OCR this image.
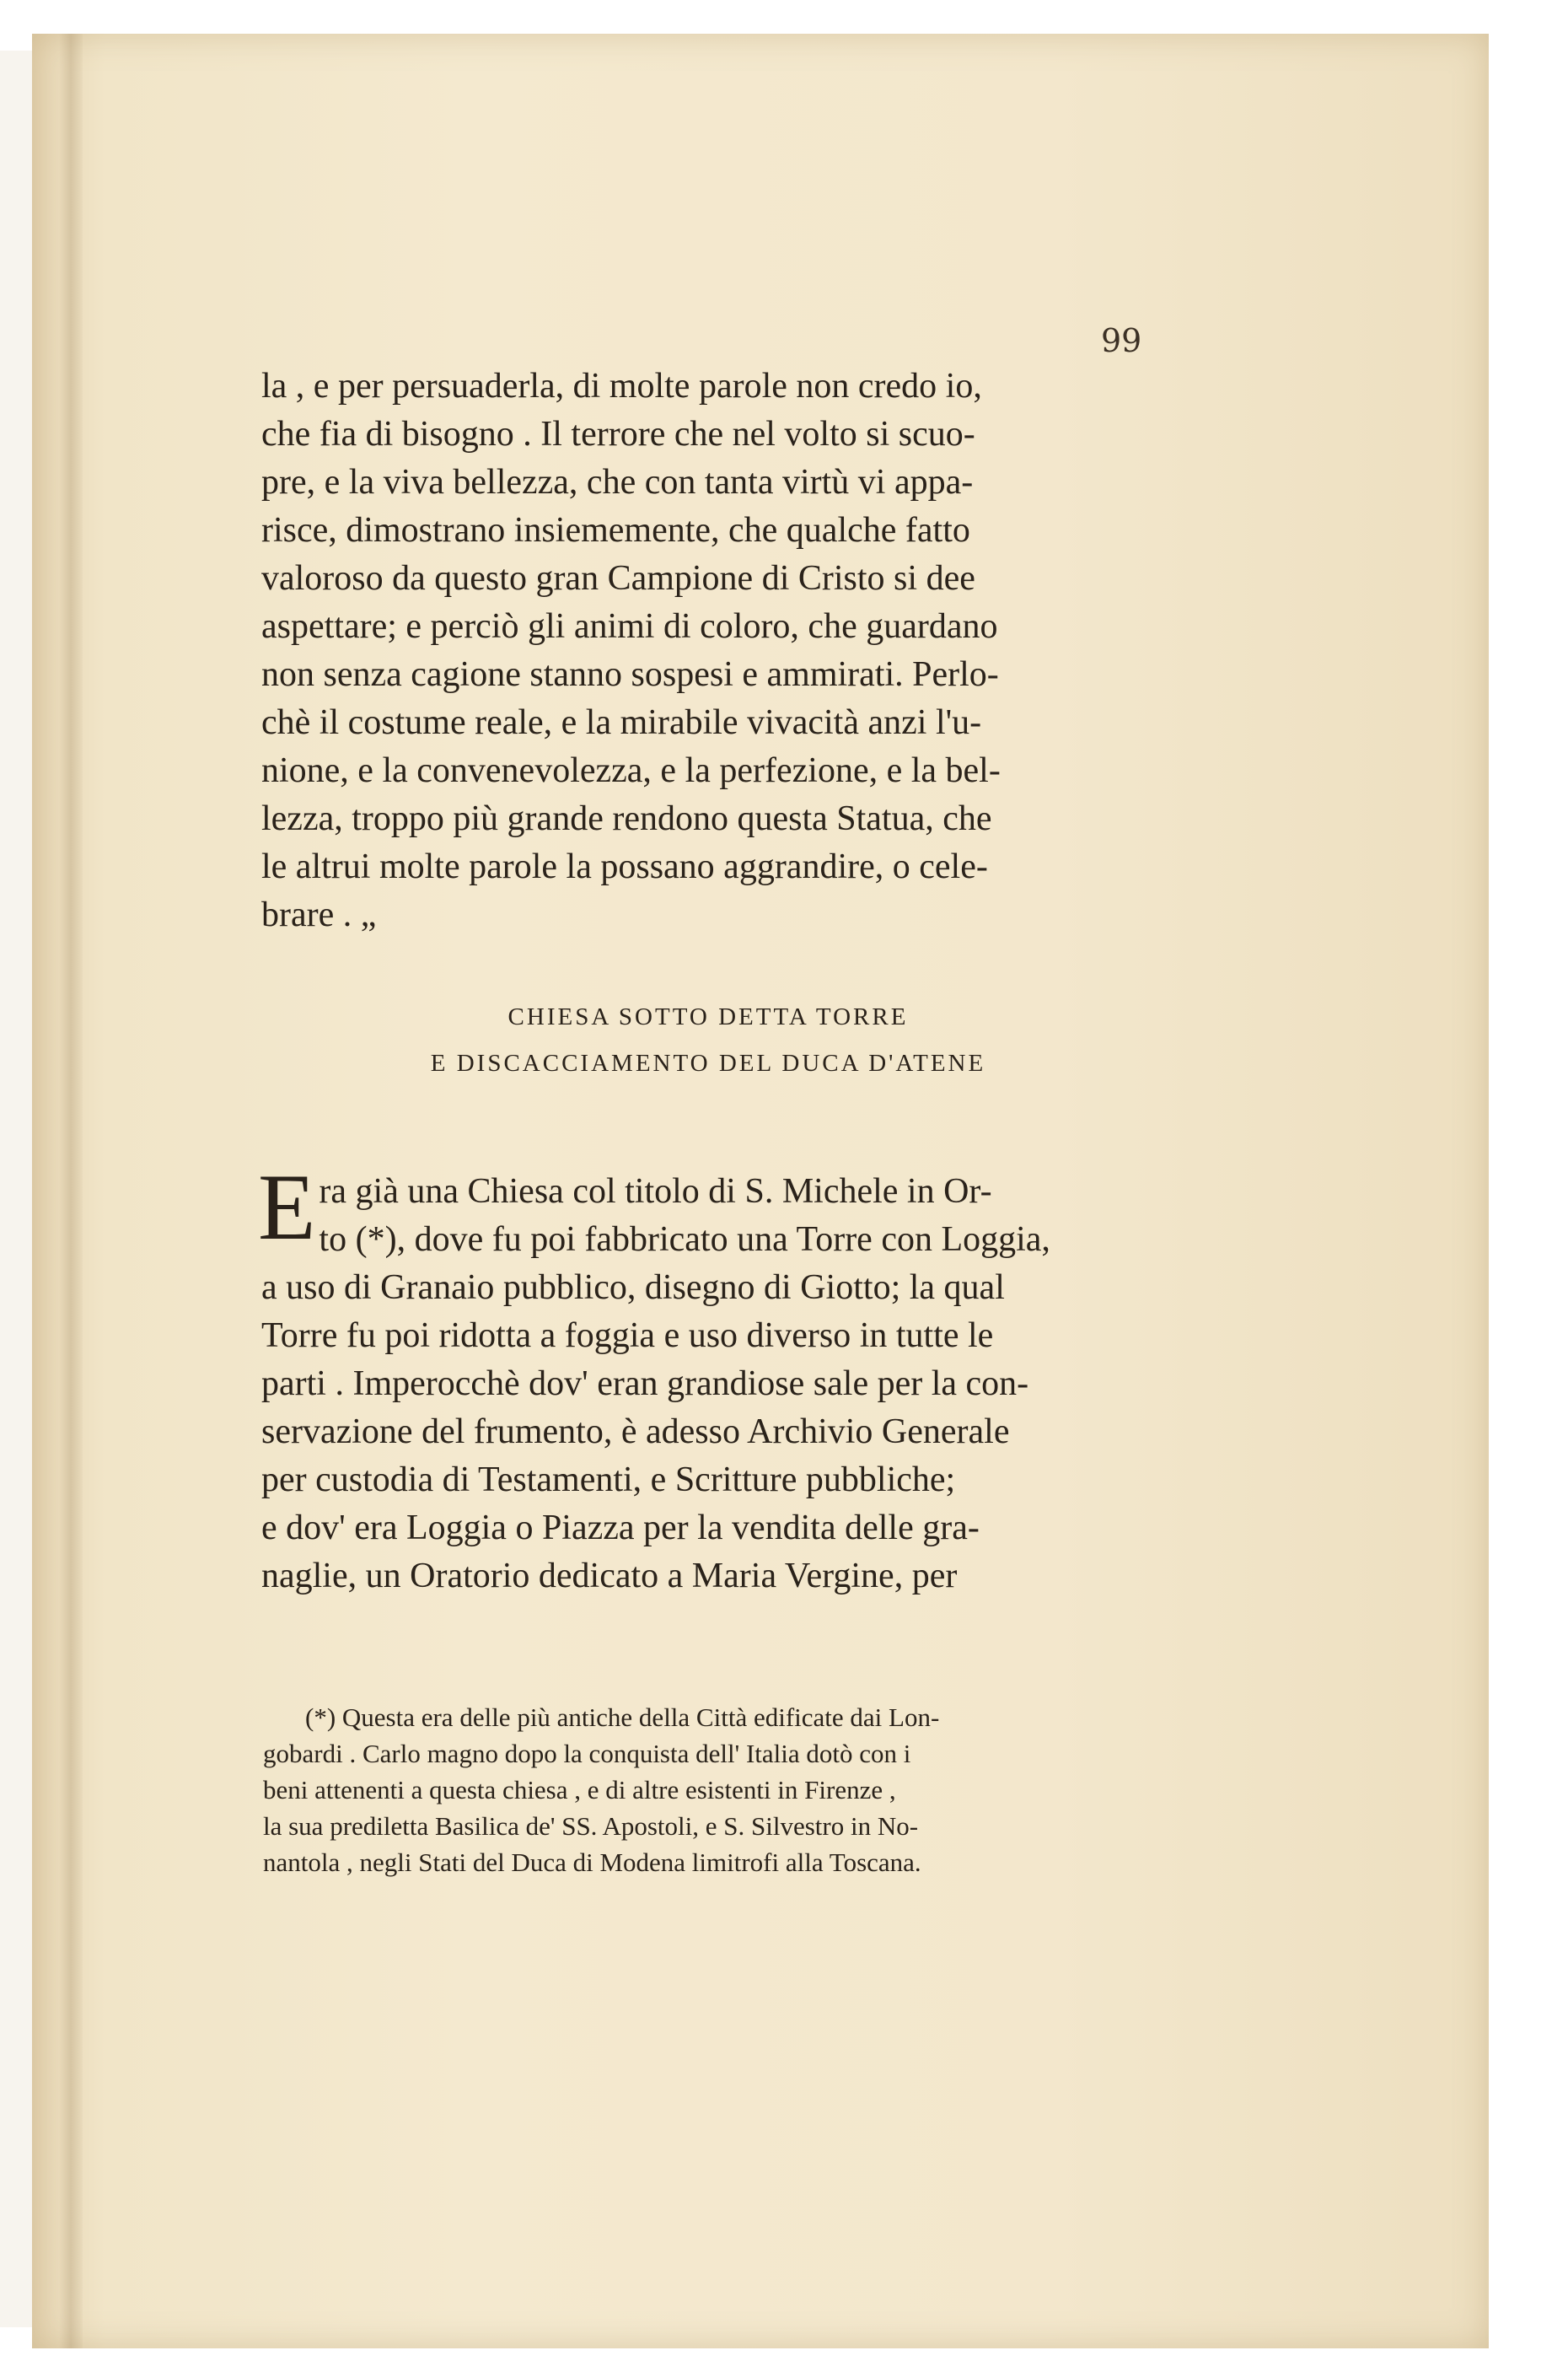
99
la , e per persuaderla, di molte parole non credo io,
che fia di bisogno . Il terrore che nel volto si scuo-
pre, e la viva bellezza, che con tanta virtù vi appa-
risce, dimostrano insiememente, che qualche fatto
valoroso da questo gran Campione di Cristo si dee
aspettare; e perciò gli animi di coloro, che guardano
non senza cagione stanno sospesi e ammirati. Perlo-
chè il costume reale, e la mirabile vivacità anzi l'u-
nione, e la convenevolezza, e la perfezione, e la bel-
lezza, troppo più grande rendono questa Statua, che
le altrui molte parole la possano aggrandire, o cele-
brare . „
CHIESA SOTTO DETTA TORRE
E DISCACCIAMENTO DEL DUCA D'ATENE
E ra già una Chiesa col titolo di S. Michele in Or-
to (*), dove fu poi fabbricato una Torre con Loggia,
a uso di Granaio pubblico, disegno di Giotto; la qual
Torre fu poi ridotta a foggia e uso diverso in tutte le
parti . Imperocchè dov' eran grandiose sale per la con-
servazione del frumento, è adesso Archivio Generale
per custodia di Testamenti, e Scritture pubbliche;
e dov' era Loggia o Piazza per la vendita delle gra-
naglie, un Oratorio dedicato a Maria Vergine, per
(*) Questa era delle più antiche della Città edificate dai Lon-
gobardi . Carlo magno dopo la conquista dell' Italia dotò con i
beni attenenti a questa chiesa , e di altre esistenti in Firenze ,
la sua prediletta Basilica de' SS. Apostoli, e S. Silvestro in No-
nantola , negli Stati del Duca di Modena limitrofi alla Toscana.
